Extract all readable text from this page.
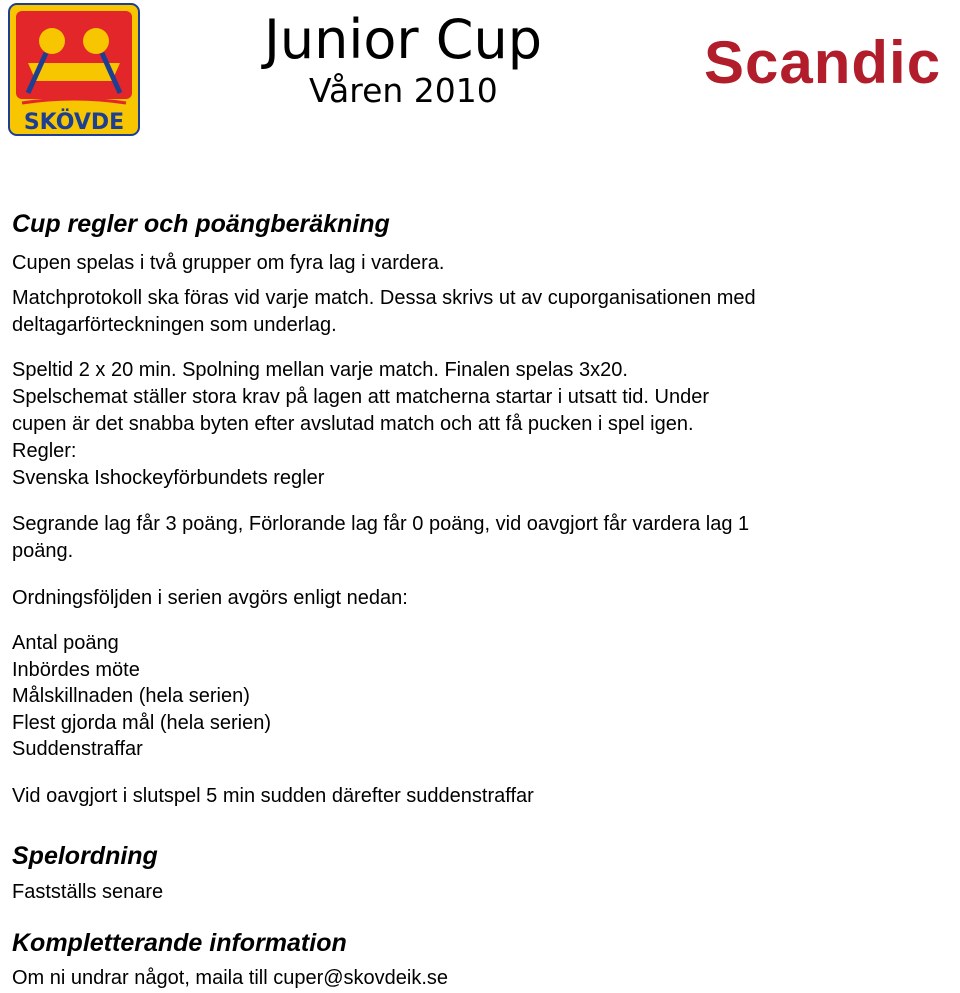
SKÖVDE
Junior Cup
Våren 2010	Scandic
Cup regler och poängberäkning
Cupen spelas i två grupper om fyra lag i vardera.
Matchprotokoll ska föras vid varje match. Dessa skrivs ut av cuporganisationen med
deltagarförteckningen som underlag.
Speltid 2 x 20 min. Spolning mellan varje match. Finalen spelas 3x20.
Spelschemat ställer stora krav på lagen att matcherna startar i utsatt tid. Under
cupen är det snabba byten efter avslutad match och att få pucken i spel igen.
Regler:
Svenska Ishockeyförbundets regler
Segrande lag får 3 poäng, Förlorande lag får 0 poäng, vid oavgjort får vardera lag 1
poäng.
Ordningsföljden i serien avgörs enligt nedan:
Antal poäng
Inbördes möte
Målskillnaden (hela serien)
Flest gjorda mål (hela serien)
Suddenstraffar
Vid oavgjort i slutspel 5 min sudden därefter suddenstraffar
Spelordning
Fastställs senare
Kompletterande information
Om ni undrar något, maila till cuper@skovdeik.se
